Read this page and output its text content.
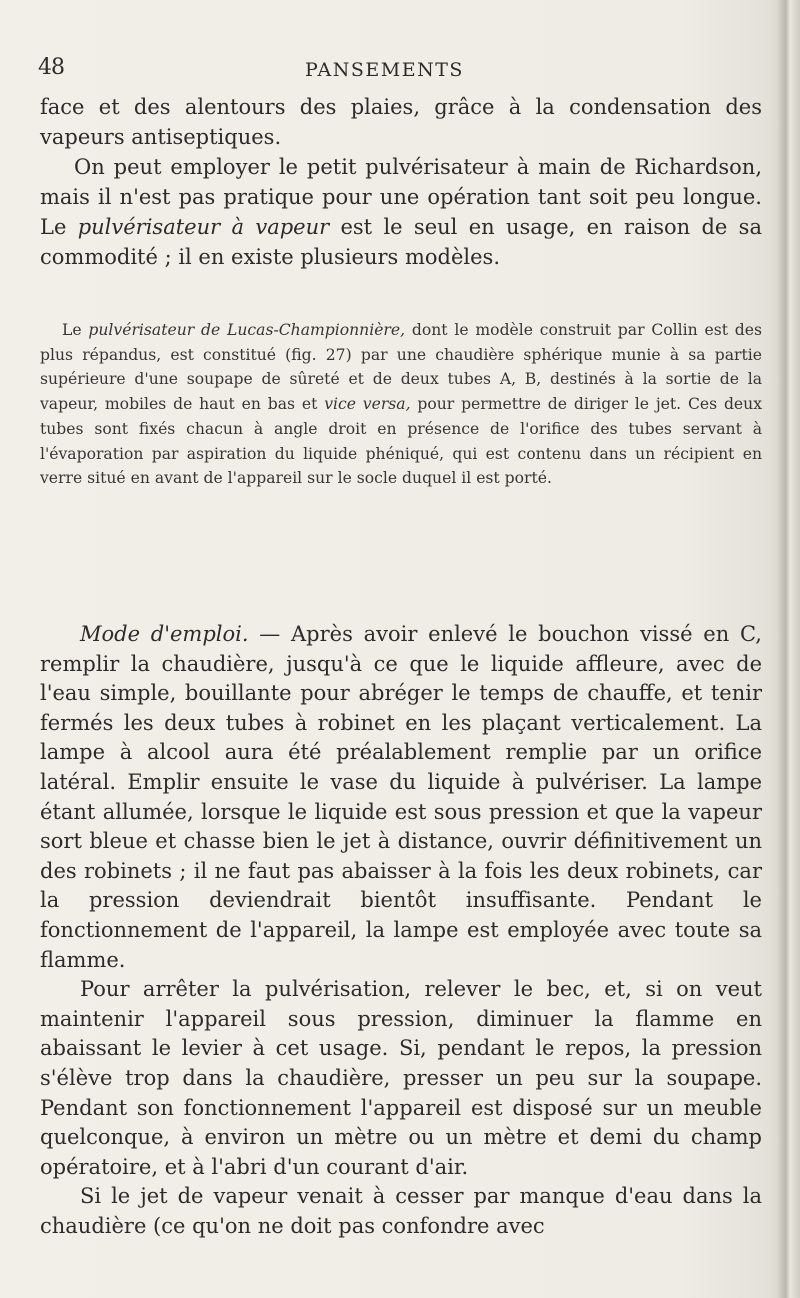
48	PANSEMENTS

face et des alentours des plaies, grâce à la condensation des vapeurs antiseptiques.

On peut employer le petit pulvérisateur à main de Richardson, mais il n'est pas pratique pour une opération tant soit peu longue. Le pulvérisateur à vapeur est le seul en usage, en raison de sa commodité ; il en existe plusieurs modèles.

Le pulvérisateur de Lucas-Championnière, dont le modèle construit par Collin est des plus répandus, est constitué (fig. 27) par une chaudière sphérique munie à sa partie supérieure d'une soupape de sûreté et de deux tubes A, B, destinés à la sortie de la vapeur, mobiles de haut en bas et vice versa, pour permettre de diriger le jet. Ces deux tubes sont fixés chacun à angle droit en présence de l'orifice des tubes servant à l'évaporation par aspiration du liquide phéniqué, qui est contenu dans un récipient en verre situé en avant de l'appareil sur le socle duquel il est porté.

Mode d'emploi. — Après avoir enlevé le bouchon vissé en C, remplir la chaudière, jusqu'à ce que le liquide affleure, avec de l'eau simple, bouillante pour abréger le temps de chauffe, et tenir fermés les deux tubes à robinet en les plaçant verticalement. La lampe à alcool aura été préalablement remplie par un orifice latéral. Emplir ensuite le vase du liquide à pulvériser. La lampe étant allumée, lorsque le liquide est sous pression et que la vapeur sort bleue et chasse bien le jet à distance, ouvrir définitivement un des robinets ; il ne faut pas abaisser à la fois les deux robinets, car la pression deviendrait bientôt insuffisante. Pendant le fonctionnement de l'appareil, la lampe est employée avec toute sa flamme.

Pour arrêter la pulvérisation, relever le bec, et, si on veut maintenir l'appareil sous pression, diminuer la flamme en abaissant le levier à cet usage. Si, pendant le repos, la pression s'élève trop dans la chaudière, presser un peu sur la soupape. Pendant son fonctionnement l'appareil est disposé sur un meuble quelconque, à environ un mètre ou un mètre et demi du champ opératoire, et à l'abri d'un courant d'air.

Si le jet de vapeur venait à cesser par manque d'eau dans la chaudière (ce qu'on ne doit pas confondre avec
